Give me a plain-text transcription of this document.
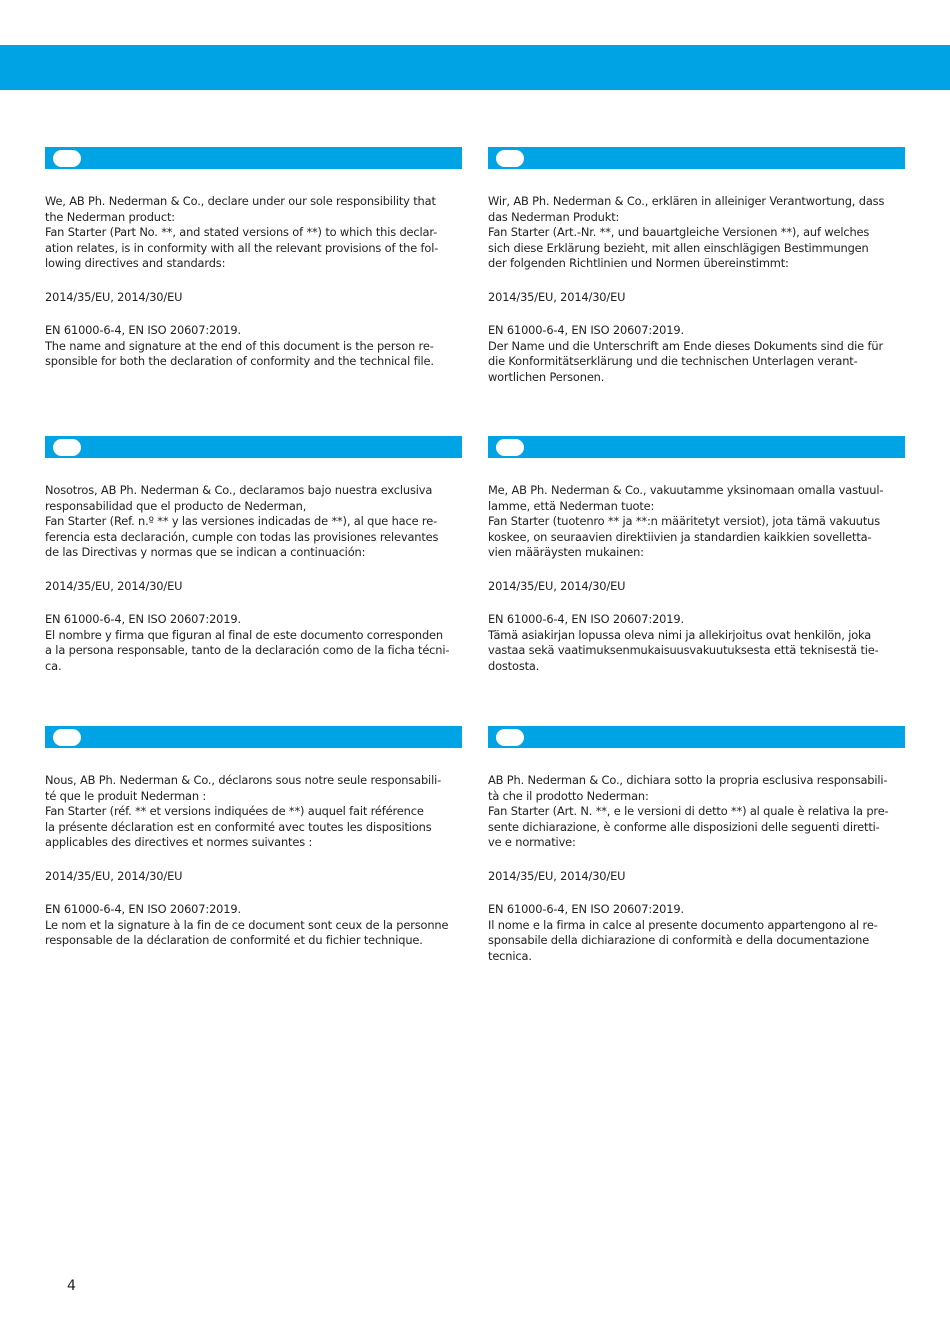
We, AB Ph. Nederman & Co., declare under our sole responsibility that
the Nederman product:
Fan Starter (Part No. **, and stated versions of **) to which this declar-
ation relates, is in conformity with all the relevant provisions of the fol-
lowing directives and standards:

2014/35/EU, 2014/30/EU

EN 61000-6-4, EN ISO 20607:2019.
The name and signature at the end of this document is the person re-
sponsible for both the declaration of conformity and the technical file.

Wir, AB Ph. Nederman & Co., erklären in alleiniger Verantwortung, dass
das Nederman Produkt:
Fan Starter (Art.-Nr. **, und bauartgleiche Versionen **), auf welches
sich diese Erklärung bezieht, mit allen einschlägigen Bestimmungen
der folgenden Richtlinien und Normen übereinstimmt:

2014/35/EU, 2014/30/EU

EN 61000-6-4, EN ISO 20607:2019.
Der Name und die Unterschrift am Ende dieses Dokuments sind die für
die Konformitätserklärung und die technischen Unterlagen verant-
wortlichen Personen.

Nosotros, AB Ph. Nederman & Co., declaramos bajo nuestra exclusiva
responsabilidad que el producto de Nederman,
Fan Starter (Ref. n.º ** y las versiones indicadas de **), al que hace re-
ferencia esta declaración, cumple con todas las provisiones relevantes
de las Directivas y normas que se indican a continuación:

2014/35/EU, 2014/30/EU

EN 61000-6-4, EN ISO 20607:2019.
El nombre y firma que figuran al final de este documento corresponden
a la persona responsable, tanto de la declaración como de la ficha técni-
ca.

Me, AB Ph. Nederman & Co., vakuutamme yksinomaan omalla vastuul-
lamme, että Nederman tuote:
Fan Starter (tuotenro ** ja **:n määritetyt versiot), jota tämä vakuutus
koskee, on seuraavien direktiivien ja standardien kaikkien sovelletta-
vien määräysten mukainen:

2014/35/EU, 2014/30/EU

EN 61000-6-4, EN ISO 20607:2019.
Tämä asiakirjan lopussa oleva nimi ja allekirjoitus ovat henkilön, joka
vastaa sekä vaatimuksenmukaisuusvakuutuksesta että teknisestä tie-
dostosta.

Nous, AB Ph. Nederman & Co., déclarons sous notre seule responsabili-
té que le produit Nederman :
Fan Starter (réf. ** et versions indiquées de **) auquel fait référence
la présente déclaration est en conformité avec toutes les dispositions
applicables des directives et normes suivantes :

2014/35/EU, 2014/30/EU

EN 61000-6-4, EN ISO 20607:2019.
Le nom et la signature à la fin de ce document sont ceux de la personne
responsable de la déclaration de conformité et du fichier technique.

AB Ph. Nederman & Co., dichiara sotto la propria esclusiva responsabili-
tà che il prodotto Nederman:
Fan Starter (Art. N. **, e le versioni di detto **) al quale è relativa la pre-
sente dichiarazione, è conforme alle disposizioni delle seguenti diretti-
ve e normative:

2014/35/EU, 2014/30/EU

EN 61000-6-4, EN ISO 20607:2019.
Il nome e la firma in calce al presente documento appartengono al re-
sponsabile della dichiarazione di conformità e della documentazione
tecnica.

4
